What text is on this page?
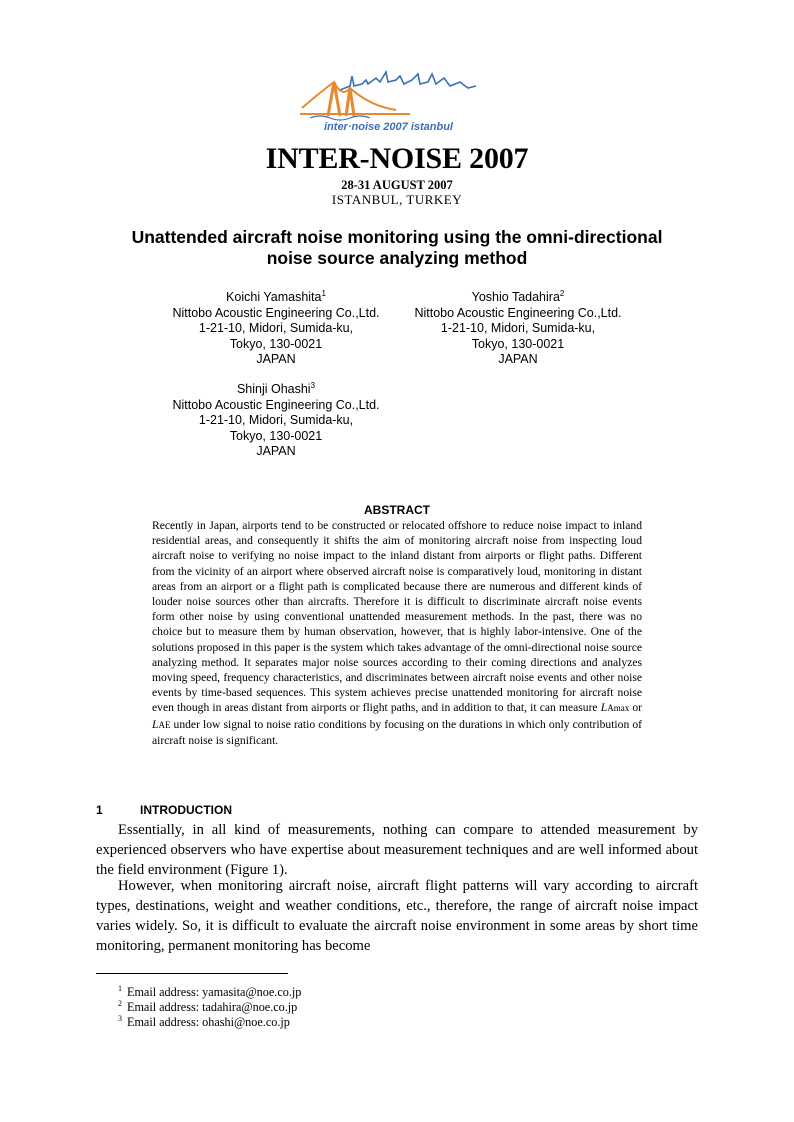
inter·noise 2007 istanbul
INTER-NOISE 2007
28-31 AUGUST 2007
ISTANBUL, TURKEY
Unattended aircraft noise monitoring using the omni-directional
noise source analyzing method
Koichi Yamashita$^1$
Nittobo Acoustic Engineering Co.,Ltd.
1-21-10, Midori, Sumida-ku,
Tokyo, 130-0021
JAPAN
Yoshio Tadahira$^2$
Nittobo Acoustic Engineering Co.,Ltd.
1-21-10, Midori, Sumida-ku,
Tokyo, 130-0021
JAPAN
Shinji Ohashi$^3$
Nittobo Acoustic Engineering Co.,Ltd.
1-21-10, Midori, Sumida-ku,
Tokyo, 130-0021
JAPAN
ABSTRACT
Recently in Japan, airports tend to be constructed or relocated offshore to reduce noise impact to inland residential areas, and consequently it shifts the aim of monitoring aircraft noise from inspecting loud aircraft noise to verifying no noise impact to the inland distant from airports or flight paths. Different from the vicinity of an airport where observed aircraft noise is comparatively loud, monitoring in distant areas from an airport or a flight path is complicated because there are numerous and different kinds of louder noise sources other than aircrafts. Therefore it is difficult to discriminate aircraft noise events form other noise by using conventional unattended measurement methods. In the past, there was no choice but to measure them by human observation, however, that is highly labor-intensive. One of the solutions proposed in this paper is the system which takes advantage of the omni-directional noise source analyzing method. It separates major noise sources according to their coming directions and analyzes moving speed, frequency characteristics, and discriminates between aircraft noise events and other noise events by time-based sequences. This system achieves precise unattended monitoring for aircraft noise even though in areas distant from airports or flight paths, and in addition to that, it can measure LAmax or LAE under low signal to noise ratio conditions by focusing on the durations in which only contribution of aircraft noise is significant.
1	INTRODUCTION
Essentially, in all kind of measurements, nothing can compare to attended measurement by experienced observers who have expertise about measurement techniques and are well informed about the field environment (Figure 1).
However, when monitoring aircraft noise, aircraft flight patterns will vary according to aircraft types, destinations, weight and weather conditions, etc., therefore, the range of aircraft noise impact varies widely. So, it is difficult to evaluate the aircraft noise environment in some areas by short time monitoring, permanent monitoring has become
$^1$ Email address: yamasita@noe.co.jp
$^2$ Email address: tadahira@noe.co.jp
$^3$ Email address: ohashi@noe.co.jp
